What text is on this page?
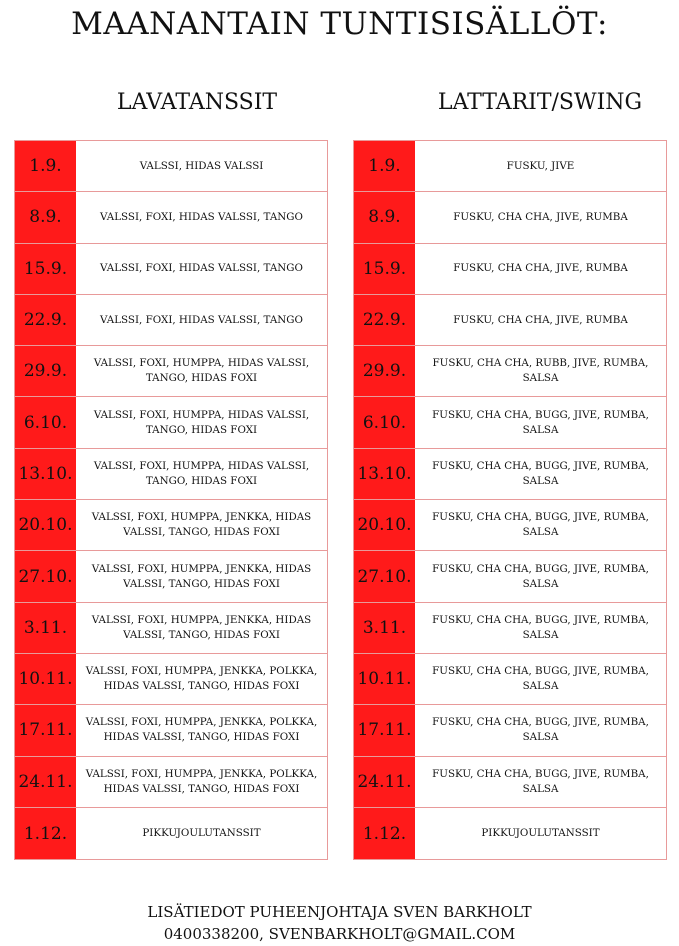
MAANANTAIN TUNTISISÄLLÖT:
LAVATANSSIT	LATTARIT/SWING
1.9.	VALSSI, HIDAS VALSSI
8.9.	VALSSI, FOXI, HIDAS VALSSI, TANGO
15.9.	VALSSI, FOXI, HIDAS VALSSI, TANGO
22.9.	VALSSI, FOXI, HIDAS VALSSI, TANGO
29.9.	VALSSI, FOXI, HUMPPA, HIDAS VALSSI, TANGO, HIDAS FOXI
6.10.	VALSSI, FOXI, HUMPPA, HIDAS VALSSI, TANGO, HIDAS FOXI
13.10.	VALSSI, FOXI, HUMPPA, HIDAS VALSSI, TANGO, HIDAS FOXI
20.10.	VALSSI, FOXI, HUMPPA, JENKKA, HIDAS VALSSI, TANGO, HIDAS FOXI
27.10.	VALSSI, FOXI, HUMPPA, JENKKA, HIDAS VALSSI, TANGO, HIDAS FOXI
3.11.	VALSSI, FOXI, HUMPPA, JENKKA, HIDAS VALSSI, TANGO, HIDAS FOXI
10.11.	VALSSI, FOXI, HUMPPA, JENKKA, POLKKA, HIDAS VALSSI, TANGO, HIDAS FOXI
17.11.	VALSSI, FOXI, HUMPPA, JENKKA, POLKKA, HIDAS VALSSI, TANGO, HIDAS FOXI
24.11.	VALSSI, FOXI, HUMPPA, JENKKA, POLKKA, HIDAS VALSSI, TANGO, HIDAS FOXI
1.12.	PIKKUJOULUTANSSIT
1.9.	FUSKU, JIVE
8.9.	FUSKU, CHA CHA, JIVE, RUMBA
15.9.	FUSKU, CHA CHA, JIVE, RUMBA
22.9.	FUSKU, CHA CHA, JIVE, RUMBA
29.9.	FUSKU, CHA CHA, RUBB, JIVE, RUMBA, SALSA
6.10.	FUSKU, CHA CHA, BUGG, JIVE, RUMBA, SALSA
13.10.	FUSKU, CHA CHA, BUGG, JIVE, RUMBA, SALSA
20.10.	FUSKU, CHA CHA, BUGG, JIVE, RUMBA, SALSA
27.10.	FUSKU, CHA CHA, BUGG, JIVE, RUMBA, SALSA
3.11.	FUSKU, CHA CHA, BUGG, JIVE, RUMBA, SALSA
10.11.	FUSKU, CHA CHA, BUGG, JIVE, RUMBA, SALSA
17.11.	FUSKU, CHA CHA, BUGG, JIVE, RUMBA, SALSA
24.11.	FUSKU, CHA CHA, BUGG, JIVE, RUMBA, SALSA
1.12.	PIKKUJOULUTANSSIT
LISÄTIEDOT PUHEENJOHTAJA SVEN BARKHOLT
0400338200, SVENBARKHOLT@GMAIL.COM
